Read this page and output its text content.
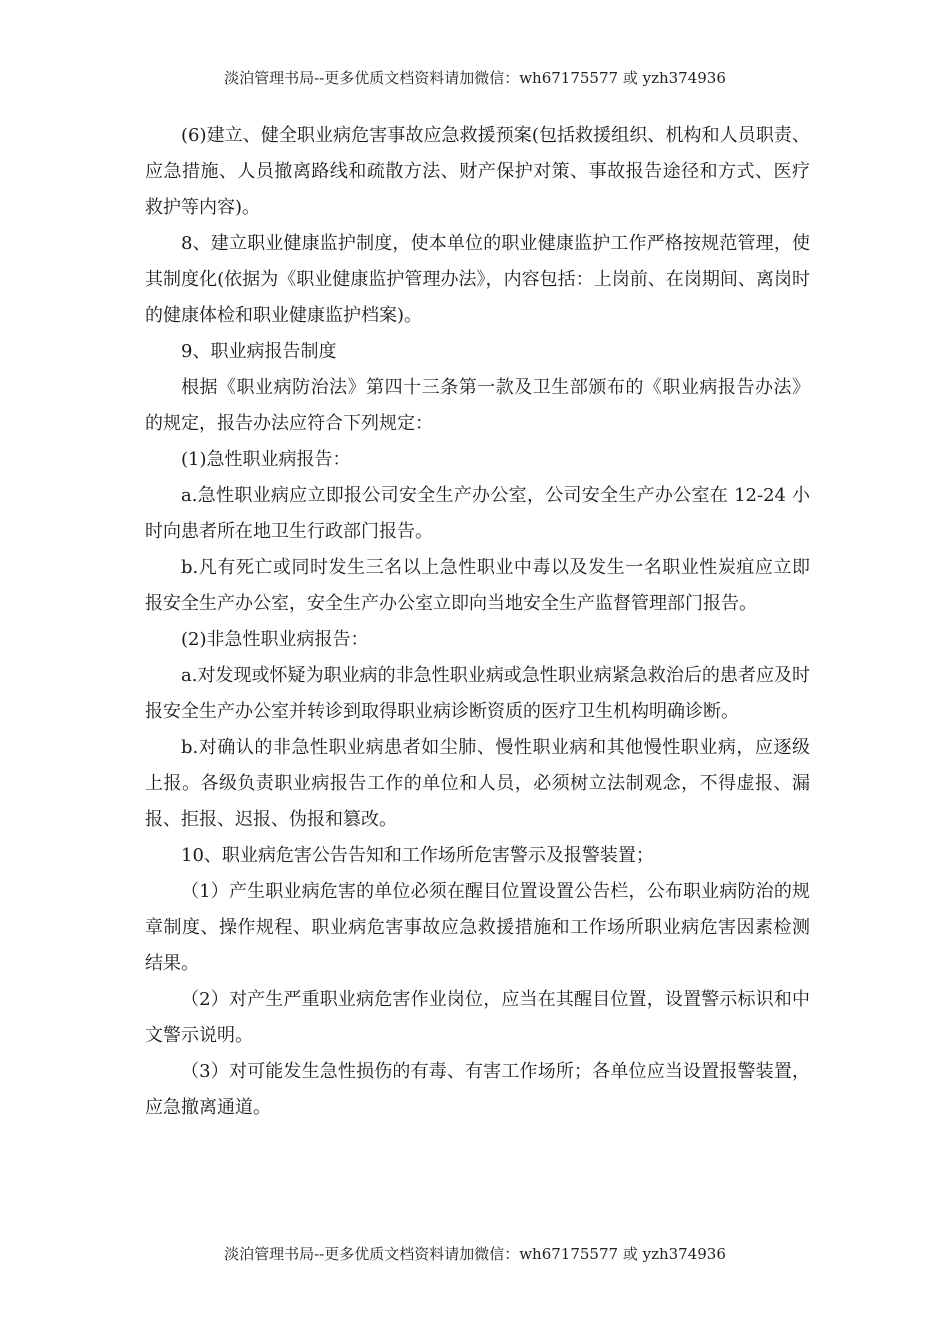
淡泊管理书局--更多优质文档资料请加微信：wh67175577 或 yzh374936

(6)建立、健全职业病危害事故应急救援预案(包括救援组织、机构和人员职责、应急措施、人员撤离路线和疏散方法、财产保护对策、事故报告途径和方式、医疗救护等内容)。

8、建立职业健康监护制度，使本单位的职业健康监护工作严格按规范管理，使其制度化(依据为《职业健康监护管理办法》，内容包括：上岗前、在岗期间、离岗时的健康体检和职业健康监护档案)。

9、职业病报告制度

根据《职业病防治法》第四十三条第一款及卫生部颁布的《职业病报告办法》的规定，报告办法应符合下列规定：

(1)急性职业病报告：

a.急性职业病应立即报公司安全生产办公室，公司安全生产办公室在 12-24 小时向患者所在地卫生行政部门报告。

b.凡有死亡或同时发生三名以上急性职业中毒以及发生一名职业性炭疽应立即报安全生产办公室，安全生产办公室立即向当地安全生产监督管理部门报告。

(2)非急性职业病报告：

a.对发现或怀疑为职业病的非急性职业病或急性职业病紧急救治后的患者应及时报安全生产办公室并转诊到取得职业病诊断资质的医疗卫生机构明确诊断。

b.对确认的非急性职业病患者如尘肺、慢性职业病和其他慢性职业病，应逐级上报。各级负责职业病报告工作的单位和人员，必须树立法制观念，不得虚报、漏报、拒报、迟报、伪报和篡改。

10、职业病危害公告告知和工作场所危害警示及报警装置；

（1）产生职业病危害的单位必须在醒目位置设置公告栏，公布职业病防治的规章制度、操作规程、职业病危害事故应急救援措施和工作场所职业病危害因素检测结果。

（2）对产生严重职业病危害作业岗位，应当在其醒目位置，设置警示标识和中文警示说明。

（3）对可能发生急性损伤的有毒、有害工作场所；各单位应当设置报警装置，应急撤离通道。

淡泊管理书局--更多优质文档资料请加微信：wh67175577 或 yzh374936
